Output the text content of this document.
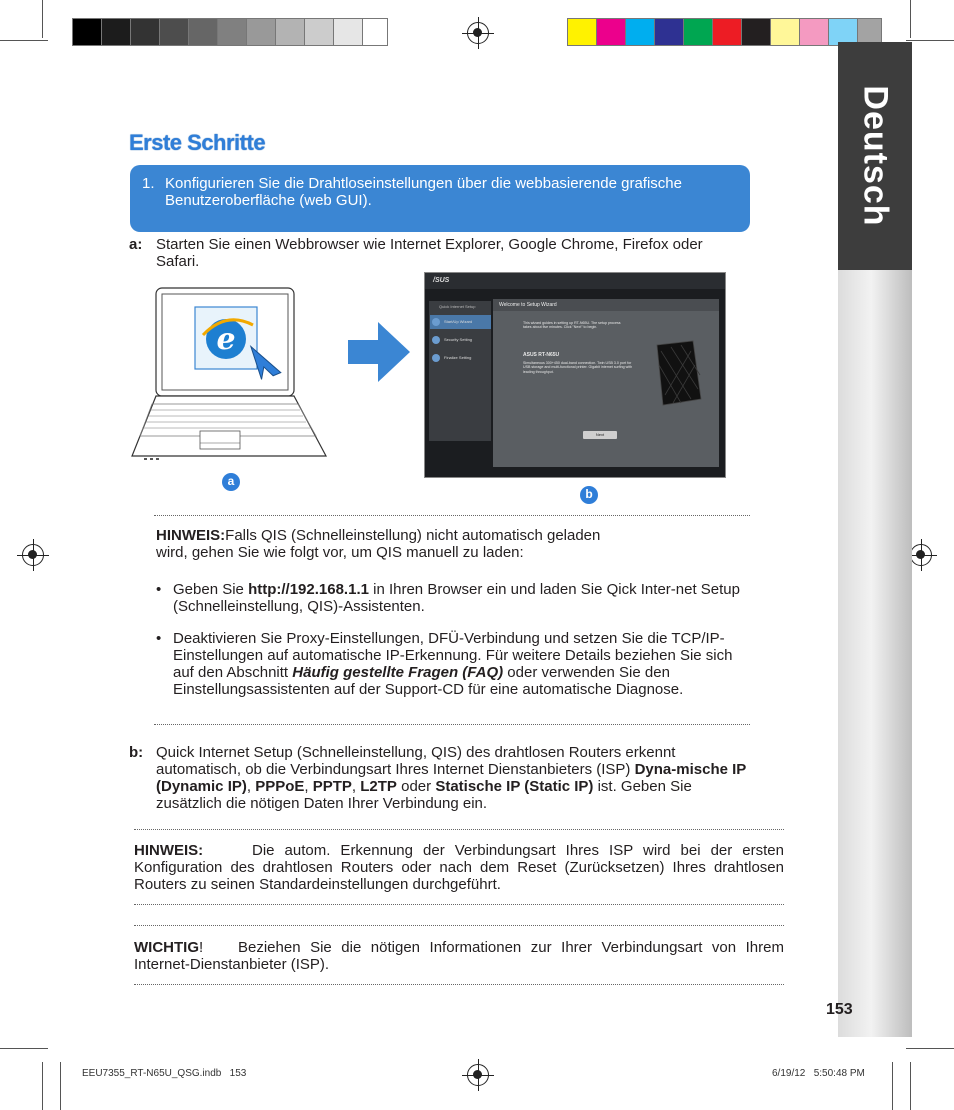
Deutsch
153
Erste Schritte
1. Konfigurieren Sie die Drahtloseinstellungen über die webbasierende grafische Benutzeroberfläche (web GUI).
a: Starten Sie einen Webbrowser wie Internet Explorer, Google Chrome, Firefox oder Safari.
e
/SUS
Quick Internet Setup
Start/Up Wizard
Security Setting
Finalize Setting
Welcome to Setup Wizard
This wizard guides in setting up RT-N65U. The setup process takes about five minutes. Click "Next" to begin.
ASUS RT-N65U
Simultaneous 300+450 dual-band connection. Twin USB 3.0 port for USB storage and multi-functional printer. Gigabit internet surfing with leading throughput.
Next
a
b
HINWEIS:Falls QIS (Schnelleinstellung) nicht automatisch geladen wird, gehen Sie wie folgt vor, um QIS manuell zu laden:
• Geben Sie http://192.168.1.1 in Ihren Browser ein und laden Sie Qick Inter-net Setup (Schnelleinstellung, QIS)-Assistenten.
• Deaktivieren Sie Proxy-Einstellungen, DFÜ-Verbindung und setzen Sie die TCP/IP-Einstellungen auf automatische IP-Erkennung. Für weitere Details beziehen Sie sich auf den Abschnitt Häufig gestellte Fragen (FAQ) oder verwenden Sie den Einstellungsassistenten auf der Support-CD für eine automatische Diagnose.
b: Quick Internet Setup (Schnelleinstellung, QIS) des drahtlosen Routers erkennt automatisch, ob die Verbindungsart Ihres Internet Dienstanbieters (ISP) Dyna-mische IP (Dynamic IP), PPPoE, PPTP, L2TP oder Statische IP (Static IP) ist. Geben Sie zusätzlich die nötigen Daten Ihrer Verbindung ein.
HINWEIS:	Die autom. Erkennung der Verbindungsart Ihres ISP wird bei der ersten Konfiguration des drahtlosen Routers oder nach dem Reset (Zurücksetzen) Ihres drahtlosen Routers zu seinen Standardeinstellungen durchgeführt.
WICHTIG!	Beziehen Sie die nötigen Informationen zur Ihrer Verbindungsart von Ihrem Internet-Dienstanbieter (ISP).
EEU7355_RT-N65U_QSG.indb   153	6/19/12   5:50:48 PM
